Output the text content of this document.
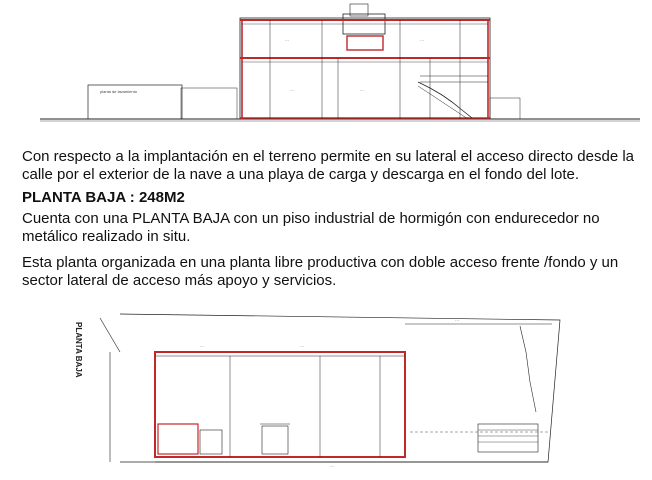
planta de lavamiento
···
···	···
···

Con respecto a la implantación en el terreno permite en su lateral el acceso directo desde la calle por el exterior de la nave a una playa de carga y descarga en el fondo del lote.

PLANTA BAJA : 248M2

Cuenta con una PLANTA BAJA con un piso industrial de hormigón con endurecedor no metálico realizado in situ.

Esta planta organizada en una planta libre productiva con doble acceso frente /fondo y un sector lateral de acceso más apoyo y servicios.

PLANTA BAJA
···
···
···	···
